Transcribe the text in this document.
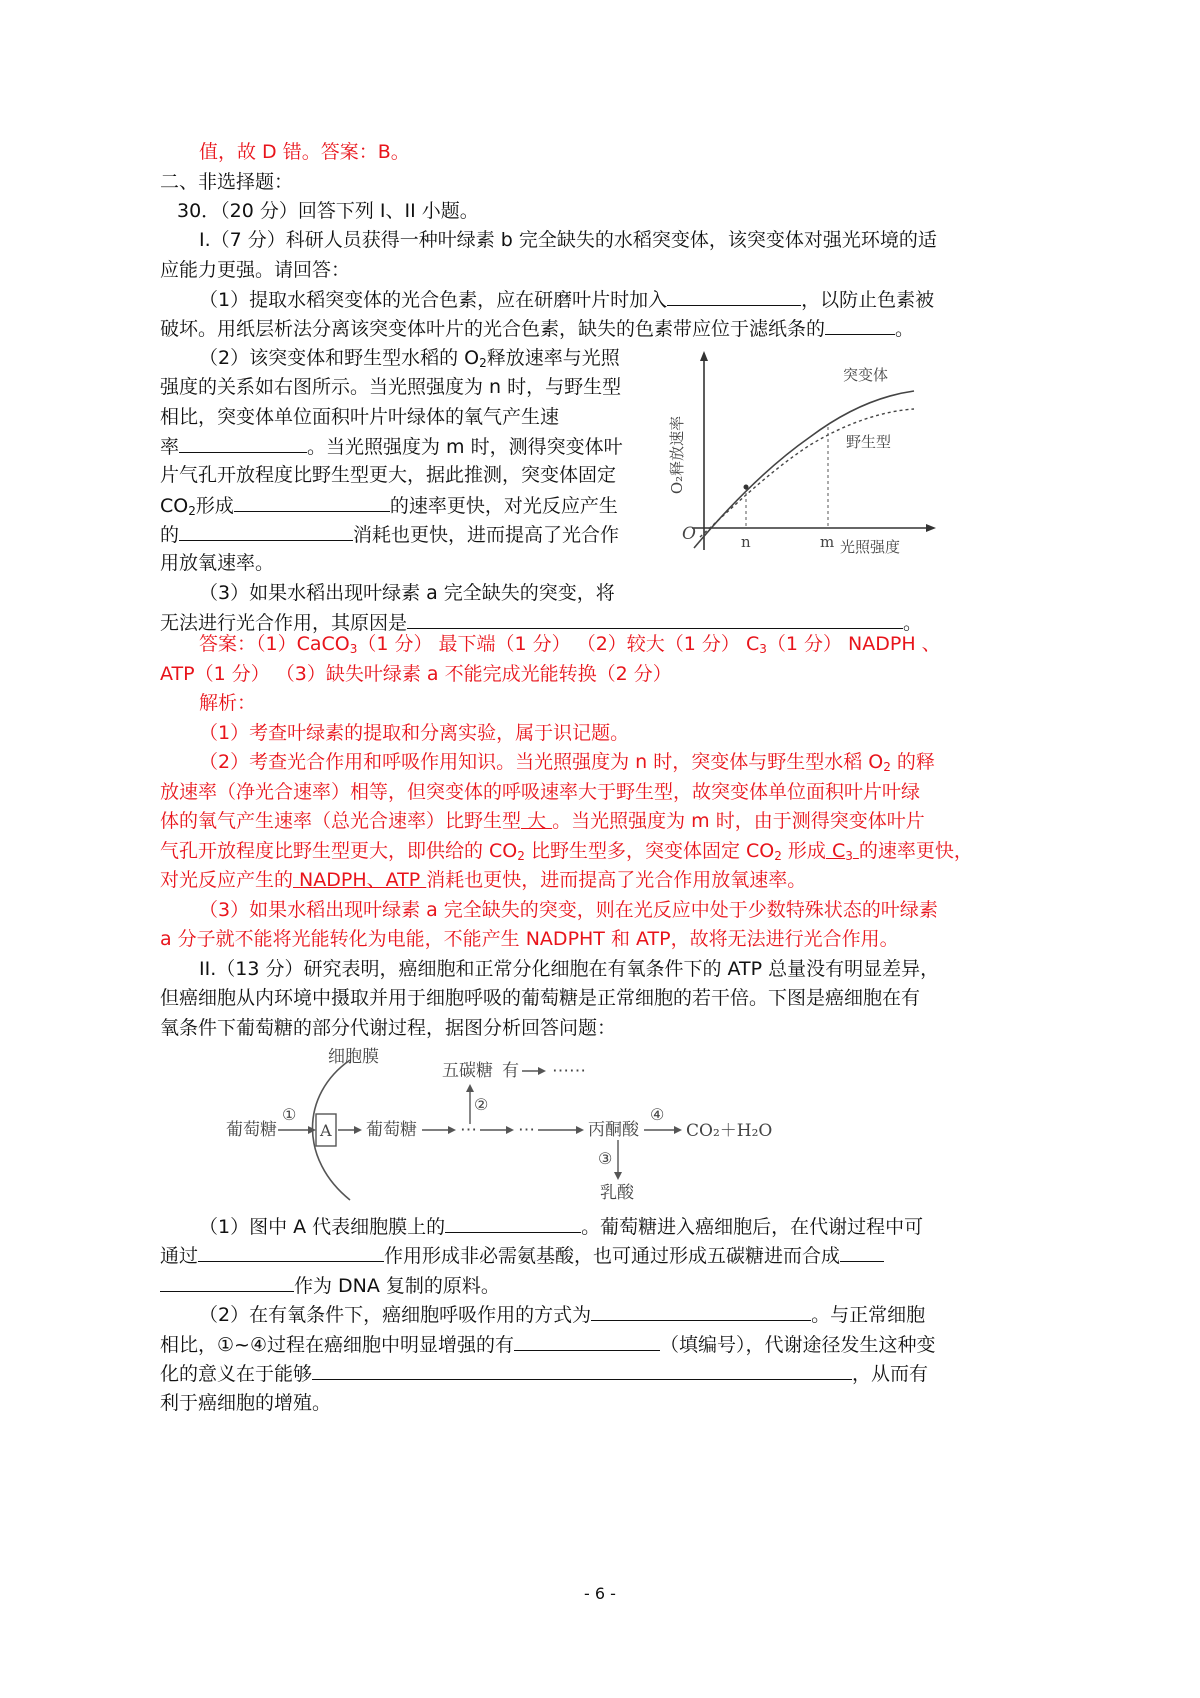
值，故 D 错。答案：B。
二、非选择题：
30．（20 分）回答下列 I、II 小题。
I.（7 分）科研人员获得一种叶绿素 b 完全缺失的水稻突变体，该突变体对强光环境的适
应能力更强。请回答：
（1）提取水稻突变体的光合色素，应在研磨叶片时加入	，以防止色素被
破坏。用纸层析法分离该突变体叶片的光合色素，缺失的色素带应位于滤纸条的	。
（2）该突变体和野生型水稻的 $O_2$释放速率与光照
强度的关系如右图所示。当光照强度为 n 时，与野生型
相比，突变体单位面积叶片叶绿体的氧气产生速
率	。当光照强度为 m 时，测得突变体叶
片气孔开放程度比野生型更大，据此推测，突变体固定
$CO_2$形成	的速率更快，对光反应产生
的	消耗也更快，进而提高了光合作
用放氧速率。
（3）如果水稻出现叶绿素 a 完全缺失的突变，将
无法进行光合作用，其原因是	。
O₂释放速率
O	n	m 光照强度
突变体
野生型
答案：（1）CaCO$_3$（1 分） 最下端（1 分） （2）较大（1 分） $C_3(1$ 分） NADPH 、
ATP（1 分） （3）缺失叶绿素 a 不能完成光能转换（2 分）
解析：
（1）考查叶绿素的提取和分离实验，属于识记题。
（2）考查光合作用和呼吸作用知识。当光照强度为 n 时，突变体与野生型水稻 $O_2$ 的释
放速率（净光合速率）相等，但突变体的呼吸速率大于野生型，故突变体单位面积叶片叶绿
体的氧气产生速率（总光合速率）比野生型 大 。当光照强度为 m 时，由于测得突变体叶片
气孔开放程度比野生型更大，即供给的 $CO_2$ 比野生型多，突变体固定 $CO_2$ 形成 $C_3$ 的速率更快，
对光反应产生的 NADPH、ATP 消耗也更快，进而提高了光合作用放氧速率。
（3）如果水稻出现叶绿素 a 完全缺失的突变，则在光反应中处于少数特殊状态的叶绿素
a 分子就不能将光能转化为电能，不能产生 NADPHT 和 ATP，故将无法进行光合作用。
II.（13 分）研究表明，癌细胞和正常分化细胞在有氧条件下的 ATP 总量没有明显差异，
但癌细胞从内环境中摄取并用于细胞呼吸的葡萄糖是正常细胞的若干倍。下图是癌细胞在有
氧条件下葡萄糖的部分代谢过程，据图分析回答问题：
细胞膜
葡萄糖
①
A 葡萄糖	⋯ ⋯	丙酮酸
④
CO₂＋H₂O
②
五碳糖 有 ⋯⋯
③
乳酸
（1）图中 A 代表细胞膜上的	。葡萄糖进入癌细胞后，在代谢过程中可
通过	作用形成非必需氨基酸，也可通过形成五碳糖进而合成
作为 DNA 复制的原料。
（2）在有氧条件下，癌细胞呼吸作用的方式为	。与正常细胞
相比，①~④过程在癌细胞中明显增强的有	（填编号），代谢途径发生这种变
化的意义在于能够	，从而有
利于癌细胞的增殖。
- 6 -
